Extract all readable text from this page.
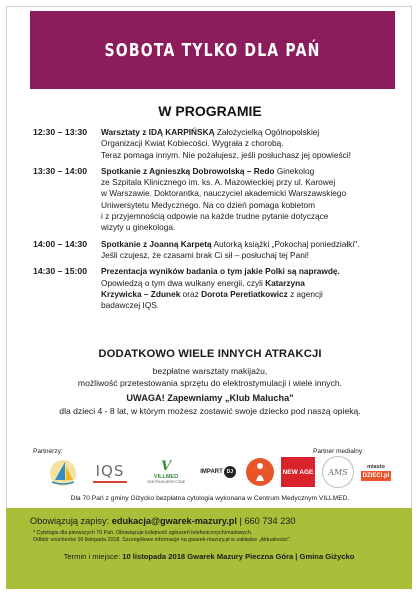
SOBOTA TYLKO DLA PAŃ
W PROGRAMIE
12:30 – 13:30	Warsztaty z IDĄ KARPIŃSKĄ Założycielką Ogólnopolskiej

Organizacji Kwiat Kobiecości. Wygrała z chorobą.

Teraz pomaga innym. Nie pożałujesz, jeśli posłuchasz jej opowieści!

13:30 – 14:00	Spotkanie z Agnieszką Dobrowolską – Redo Ginekolog

ze Szpitala Klinicznego im. ks. A. Mazowieckiej przy ul. Karowej

w Warszawie. Doktorantka, nauczyciel akademicki Warszawskiego

Uniwersytetu Medycznego. Na co dzień pomaga kobietom

i z przyjemnością odpowie na każde trudne pytanie dotyczące

wizyty u ginekologa.

14:00 – 14:30	Spotkanie z Joanną Karpetą Autorką książki „Pokochaj poniedziałki".

Jeśli czujesz, że czasami brak Ci sił – posłuchaj tej Pani!

14:30 – 15:00	Prezentacja wyników badania o tym jakie Polki są naprawdę.

Opowiedzą o tym dwa wulkany energii, czyli Katarzyna

Krzywicka – Zdunek oraz Dorota Peretiatkowicz z agencji

badawczej IQS.

DODATKOWO WIELE INNYCH ATRAKCJI
bezpłatne warsztaty makijażu,
możliwość przetestowania sprzętu do elektrostymulacji i wiele innych.
UWAGA! Zapewniamy „Klub Malucha"
dla dzieci 4 - 8 lat, w którym możesz zostawić swoje dziecko pod naszą opieką.
Partnerzy:	Partner medialny:
IQS	V
VILLMED
CENTRUM MEDYCZNE
IMPART DJ	NEW AGE AMS
miasto
DZIECI.pl
Dla 70 Pań z gminy Giżycko bezpłatna cytologia wykonana w Centrum Medycznym VILLMED.
Obowiązują zapisy: edukacja@gwarek-mazury.pl | 660 734 230
* Cytologia dla pierwszych 70 Pań. Obowiązuje kolejność zgłoszeń telefonicznych/mailowych.
Odbiór voucherów 10 listopada 2018. Szczegółowe informacje na gwarek-mazury.pl w zakładce „Aktualności".
Termin i miejsce: 10 listopada 2018 Gwarek Mazury Pieczna Góra | Gmina Giżycko
